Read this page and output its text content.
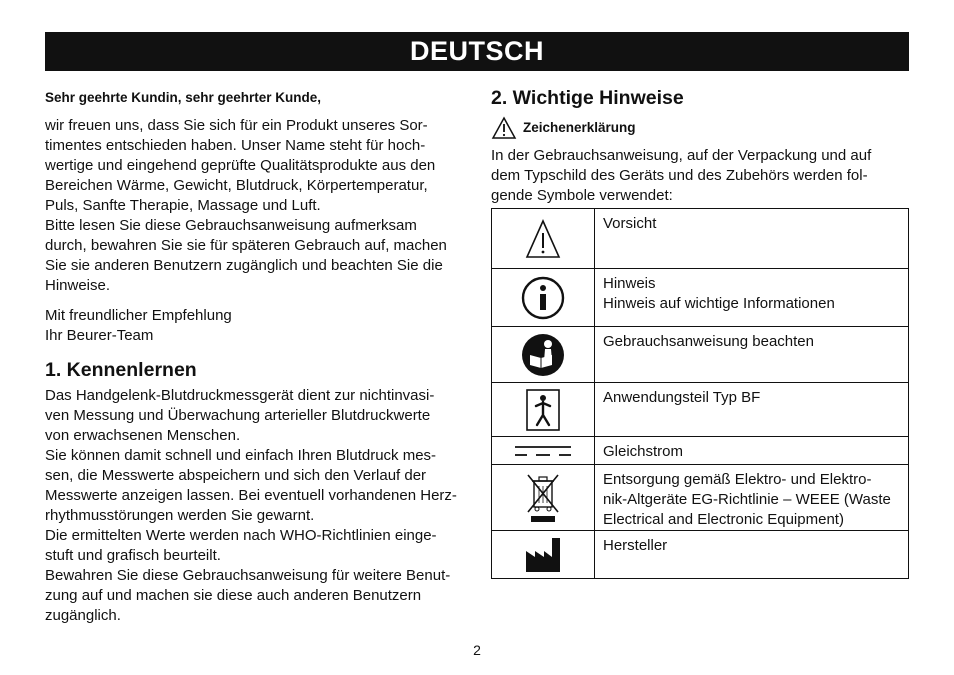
DEUTSCH

Sehr geehrte Kundin, sehr geehrter Kunde,

wir freuen uns, dass Sie sich für ein Produkt unseres Sor-
timentes entschieden haben. Unser Name steht für hoch-
wertige und eingehend geprüfte Qualitätsprodukte aus den
Bereichen Wärme, Gewicht, Blutdruck, Körpertemperatur,
Puls, Sanfte Therapie, Massage und Luft.
Bitte lesen Sie diese Gebrauchsanweisung aufmerksam
durch, bewahren Sie sie für späteren Gebrauch auf, machen
Sie sie anderen Benutzern zugänglich und beachten Sie die
Hinweise.

Mit freundlicher Empfehlung
Ihr Beurer-Team

1. Kennenlernen

Das Handgelenk-Blutdruckmessgerät dient zur nichtinvasi-
ven Messung und Überwachung arterieller Blutdruckwerte
von erwachsenen Menschen.
Sie können damit schnell und einfach Ihren Blutdruck mes-
sen, die Messwerte abspeichern und sich den Verlauf der
Messwerte anzeigen lassen. Bei eventuell vorhandenen Herz-
rhythmusstörungen werden Sie gewarnt.
Die ermittelten Werte werden nach WHO-Richtlinien einge-
stuft und grafisch beurteilt.
Bewahren Sie diese Gebrauchsanweisung für weitere Benut-
zung auf und machen sie diese auch anderen Benutzern
zugänglich.

2. Wichtige Hinweise
Zeichenerklärung

In der Gebrauchsanweisung, auf der Verpackung und auf
dem Typschild des Geräts und des Zubehörs werden fol-
gende Symbole verwendet:

	Vorsicht
	Hinweis
Hinweis auf wichtige Informationen
	Gebrauchsanweisung beachten
	Anwendungsteil Typ BF
	Gleichstrom
	Entsorgung gemäß Elektro- und Elektro-
nik-Altgeräte EG-Richtlinie – WEEE (Waste
Electrical and Electronic Equipment)
	Hersteller
2
